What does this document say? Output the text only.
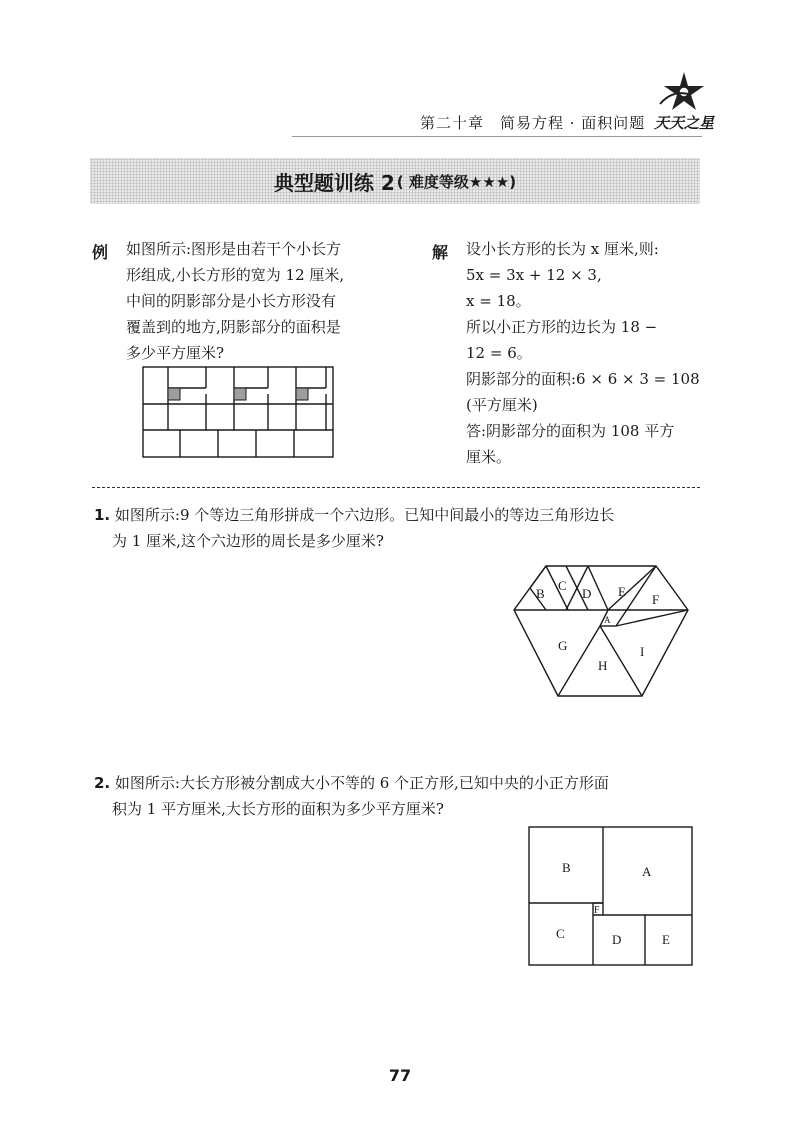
第二十章　简易方程 · 面积问题 天天之星
典型题训练 2 ( 难度等级★★★)
例 如图所示:图形是由若干个小长方
形组成,小长方形的宽为 12 厘米,
中间的阴影部分是小长方形没有
覆盖到的地方,阴影部分的面积是
多少平方厘米?
解 设小长方形的长为 x 厘米,则:
5x = 3x + 12 × 3,
x = 18。
所以小正方形的边长为 18 −
12 = 6。
阴影部分的面积:6 × 6 × 3 = 108
(平方厘米)
答:阴影部分的面积为 108 平方
厘米。
1. 如图所示:9 个等边三角形拼成一个六边形。已知中间最小的等边三角形边长
为 1 厘米,这个六边形的周长是多少厘米?
B
C
D E
F
A
G
H
I
2. 如图所示:大长方形被分割成大小不等的 6 个正方形,已知中央的小正方形面
积为 1 平方厘米,大长方形的面积为多少平方厘米?
B	A
F
C	D	E
77
